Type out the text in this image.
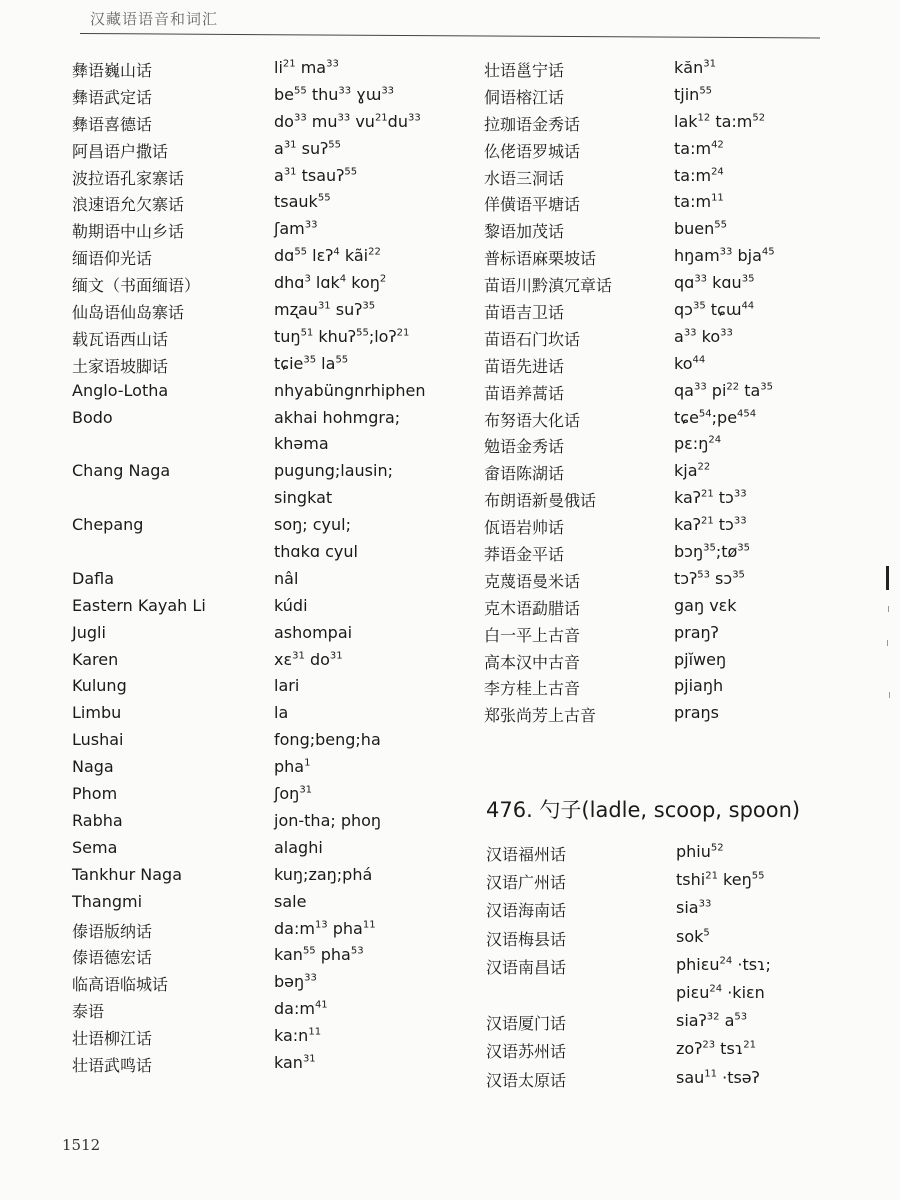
汉藏语语音和词汇
彝语巍山话	$li^{21}$ $ma^{33}$
彝语武定话	$be^{55}$ thu$^{33}$ ɣɯ$^{33}$
彝语喜德话	$do^{33}$ $mu^{33}$ $vu^{21}du^{33}$
阿昌语户撒话	$a^{31}$ suʔ$^{55}$
波拉语孔家寨话	$a^{31}$ tsauʔ$^{55}$
浪速语允欠寨话	tsauk$^{55}$
勒期语中山乡话	ʃam$^{33}$
缅语仰光话	dɑ$^{55}$ lɛʔ$^4$ kãi$^{22}$
缅文（书面缅语）	dhɑ$^3$ lɑk$^4$ koŋ$^2$
仙岛语仙岛寨话	mʐau$^{31}$ suʔ$^{35}$
载瓦语西山话	tuŋ$^{51}$ khuʔ$^{55}$;loʔ$^{21}$
土家语坡脚话	tɕie$^{35}$ $la^{55}$
Anglo-Lotha	nhyabüngnrhiphen
Bodo	akhai hohmgra;
khəma
Chang Naga	pugung;lausin;
singkat
Chepang	soŋ; cyul;
thɑkɑ cyul
Dafla	nâl
Eastern Kayah Li	kúdi
Jugli	ashompai
Karen	xɛ$^{31}$ $do^{31}$
Kulung	lari
Limbu	la
Lushai	fong;beng;ha
Naga	pha$^1$
Phom	ʃoŋ$^{31}$
Rabha	jon-tha; phoŋ
Sema	alaghi
Tankhur Naga	kuŋ;zaŋ;phá
Thangmi	sale
傣语版纳话	$da:m^{13}$ pha$^{11}$
傣语德宏话	kan$^{55}$ pha$^{53}$
临高语临城话	bəŋ$^{33}$
泰语	$da:m^{41}$
壮语柳江话	$ka:n^{11}$
壮语武鸣话	kan$^{31}$
壮语邕宁话	kăn$^{31}$
侗语榕江话	tjin$^{55}$
拉珈语金秀话	lak$^{12}$ $ta:m^{52}$
仫佬语罗城话	$ta:m^{42}$
水语三洞话	$ta:m^{24}$
佯僙语平塘话	$ta:m^{11}$
黎语加茂话	buen$^{55}$
普标语麻栗坡话	hŋam$^{33}$ bja$^{45}$
苗语川黔滇冗章话	qɑ$^{33}$ kɑu$^{35}$
苗语吉卫话	qɔ$^{35}$ tɕɯ$^{44}$
苗语石门坎话	$a^{33}$ $ko^{33}$
苗语先进话	$ko^{44}$
苗语养蒿话	$qa^{33}$ $pi^{22}$ $ta^{35}$
布努语大化话	$tɕe^{54};pe^{454}$
勉语金秀话	$pɛ:ŋ^{24}$
畲语陈湖话	kja$^{22}$
布朗语新曼俄话	kaʔ$^{21}$ tɔ$^{33}$
佤语岩帅话	kaʔ$^{21}$ tɔ$^{33}$
莽语金平话	$bɔŋ^{35};tø^{35}$
克蔑语曼米话	tɔʔ$^{53}$ sɔ$^{35}$
克木语勐腊话	gaŋ vɛk
白一平上古音	praŋʔ
高本汉中古音	pjĭweŋ
李方桂上古音	pjiaŋh
郑张尚芳上古音	praŋs
476. 勺子(ladle, scoop, spoon)
汉语福州话	phiu$^{52}$
汉语广州话	tshi$^{21}$ keŋ$^{55}$
汉语海南话	sia$^{33}$
汉语梅县话	sok$^5$
汉语南昌话	phiɛu$^{24}$ ·tsɿ;
piɛu$^{24}$ ·kiɛn
汉语厦门话	siaʔ$^{32}$ $a^{53}$
汉语苏州话	zoʔ$^{23}$ tsɿ$^{21}$
汉语太原话	sau$^{11}$ ·tsəʔ
1512
